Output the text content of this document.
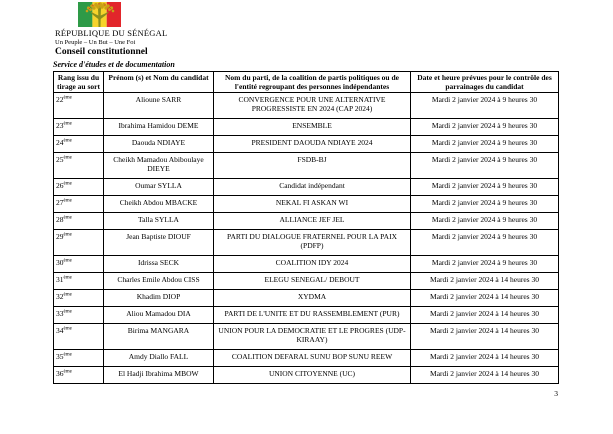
RÉPUBLIQUE DU SÉNÉGAL
Un Peuple – Un But – Une Foi
Conseil constitutionnel
Service d'études et de documentation
Rang issu du tirage au sort	Prénom (s) et Nom du candidat	Nom du parti, de la coalition de partis politiques ou de l'entité regroupant des personnes indépendantes	Date et heure prévues pour le contrôle des parrainages du candidat
22ème	Alioune SARR	CONVERGENCE POUR UNE ALTERNATIVE PROGRESSISTE EN 2024 (CAP 2024)	Mardi 2 janvier 2024 à 9 heures 30
23ème	Ibrahima Hamidou DEME	ENSEMBLE	Mardi 2 janvier 2024 à 9 heures 30
24ème	Daouda NDIAYE	PRESIDENT DAOUDA NDIAYE 2024	Mardi 2 janvier 2024 à 9 heures 30
25ème	Cheikh Mamadou Abiboulaye DIEYE	FSDB-BJ	Mardi 2 janvier 2024 à 9 heures 30
26ème	Oumar SYLLA	Candidat indépendant	Mardi 2 janvier 2024 à 9 heures 30
27ème	Cheikh Abdou MBACKE	NEKAL FI ASKAN WI	Mardi 2 janvier 2024 à 9 heures 30
28ème	Talla SYLLA	ALLIANCE JEF JEL	Mardi 2 janvier 2024 à 9 heures 30
29ème	Jean Baptiste DIOUF	PARTI DU DIALOGUE FRATERNEL POUR LA PAIX (PDFP)	Mardi 2 janvier 2024 à 9 heures 30
30ème	Idrissa SECK	COALITION IDY 2024	Mardi 2 janvier 2024 à 9 heures 30
31ème	Charles Emile Abdou CISS	ELEGU SENEGAL/ DEBOUT	Mardi 2 janvier 2024 à 14 heures 30
32ème	Khadim DIOP	XYDMA	Mardi 2 janvier 2024 à 14 heures 30
33ème	Aliou Mamadou DIA	PARTI DE L'UNITE ET DU RASSEMBLEMENT (PUR)	Mardi 2 janvier 2024 à 14 heures 30
34ème	Birima MANGARA	UNION POUR LA DEMOCRATIE ET LE PROGRES (UDP-KIRAAY)	Mardi 2 janvier 2024 à 14 heures 30
35ème	Amdy Diallo FALL	COALITION DEFARAL SUNU BOP SUNU REEW	Mardi 2 janvier 2024 à 14 heures 30
36ème	El Hadji Ibrahima MBOW	UNION CITOYENNE (UC)	Mardi 2 janvier 2024 à 14 heures 30
3
